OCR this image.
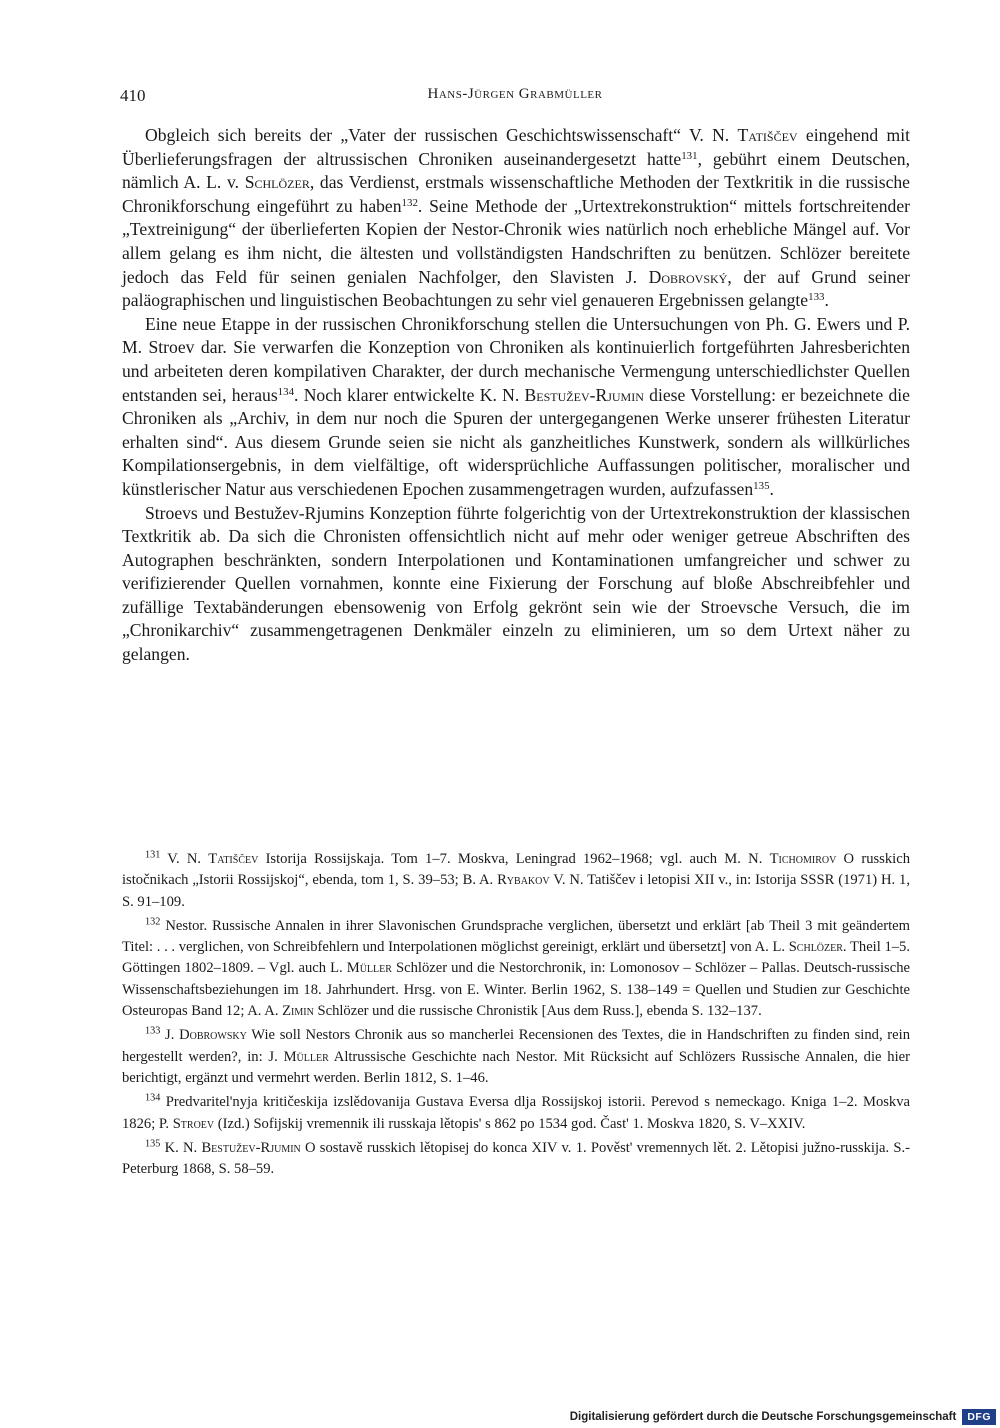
410	Hans-Jürgen Grabmüller

Obgleich sich bereits der „Vater der russischen Geschichtswissenschaft“ V. N. Tatiščev eingehend mit Überlieferungsfragen der altrussischen Chroniken auseinandergesetzt hatte$^{131}$, gebührt einem Deutschen, nämlich A. L. v. Schlözer, das Verdienst, erstmals wissenschaftliche Methoden der Textkritik in die russische Chronikforschung eingeführt zu haben$^{132}$. Seine Methode der „Urtextrekonstruktion“ mittels fortschreitender „Textreinigung“ der überlieferten Kopien der Nestor-Chronik wies natürlich noch erhebliche Mängel auf. Vor allem gelang es ihm nicht, die ältesten und vollständigsten Handschriften zu benützen. Schlözer bereitete jedoch das Feld für seinen genialen Nachfolger, den Slavisten J. Dobrovský, der auf Grund seiner paläographischen und linguistischen Beobachtungen zu sehr viel genaueren Ergebnissen gelangte$^{133}$.

Eine neue Etappe in der russischen Chronikforschung stellen die Untersuchungen von Ph. G. Ewers und P. M. Stroev dar. Sie verwarfen die Konzeption von Chroniken als kontinuierlich fortgeführten Jahresberichten und arbeiteten deren kompilativen Charakter, der durch mechanische Vermengung unterschiedlichster Quellen entstanden sei, heraus$^{134}$. Noch klarer entwickelte K. N. Bestužev-Rjumin diese Vorstellung: er bezeichnete die Chroniken als „Archiv, in dem nur noch die Spuren der untergegangenen Werke unserer frühesten Literatur erhalten sind“. Aus diesem Grunde seien sie nicht als ganzheitliches Kunstwerk, sondern als willkürliches Kompilationsergebnis, in dem vielfältige, oft widersprüchliche Auffassungen politischer, moralischer und künstlerischer Natur aus verschiedenen Epochen zusammengetragen wurden, aufzufassen$^{135}$.

Stroevs und Bestužev-Rjumins Konzeption führte folgerichtig von der Urtextrekonstruktion der klassischen Textkritik ab. Da sich die Chronisten offensichtlich nicht auf mehr oder weniger getreue Abschriften des Autographen beschränkten, sondern Interpolationen und Kontaminationen umfangreicher und schwer zu verifizierender Quellen vornahmen, konnte eine Fixierung der Forschung auf bloße Abschreibfehler und zufällige Textabänderungen ebensowenig von Erfolg gekrönt sein wie der Stroevsche Versuch, die im „Chronikarchiv“ zusammengetragenen Denkmäler einzeln zu eliminieren, um so dem Urtext näher zu gelangen.

$^{131}$ V. N. Tatiščev Istorija Rossijskaja. Tom 1–7. Moskva, Leningrad 1962–1968; vgl. auch M. N. Tichomirov O russkich istočnikach „Istorii Rossijskoj“, ebenda, tom 1, S. 39–53; B. A. Rybakov V. N. Tatiščev i letopisi XII v., in: Istorija SSSR (1971) H. 1, S. 91–109.

$^{132}$ Nestor. Russische Annalen in ihrer Slavonischen Grundsprache verglichen, übersetzt und erklärt [ab Theil 3 mit geändertem Titel: . . . verglichen, von Schreibfehlern und Interpolationen möglichst gereinigt, erklärt und übersetzt] von A. L. Schlözer. Theil 1–5. Göttingen 1802–1809. – Vgl. auch L. Müller Schlözer und die Nestorchronik, in: Lomonosov – Schlözer – Pallas. Deutsch-russische Wissenschaftsbeziehungen im 18. Jahrhundert. Hrsg. von E. Winter. Berlin 1962, S. 138–149 = Quellen und Studien zur Geschichte Osteuropas Band 12; A. A. Zimin Schlözer und die russische Chronistik [Aus dem Russ.], ebenda S. 132–137.

$^{133}$ J. Dobrowsky Wie soll Nestors Chronik aus so mancherlei Recensionen des Textes, die in Handschriften zu finden sind, rein hergestellt werden?, in: J. Müller Altrussische Geschichte nach Nestor. Mit Rücksicht auf Schlözers Russische Annalen, die hier berichtigt, ergänzt und vermehrt werden. Berlin 1812, S. 1–46.

$^{134}$ Predvaritel'nyja kritičeskija izslědovanija Gustava Eversa dlja Rossijskoj istorii. Perevod s nemeckago. Kniga 1–2. Moskva 1826; P. Stroev (Izd.) Sofijskij vremennik ili russkaja lětopis' s 862 po 1534 god. Čast' 1. Moskva 1820, S. V–XXIV.

$^{135}$ K. N. Bestužev-Rjumin O sostavě russkich lětopisej do konca XIV v. 1. Pověst' vremennych lět. 2. Lětopisi južno-russkija. S.-Peterburg 1868, S. 58–59.

Digitalisierung gefördert durch die Deutsche Forschungsgemeinschaft	DFG
